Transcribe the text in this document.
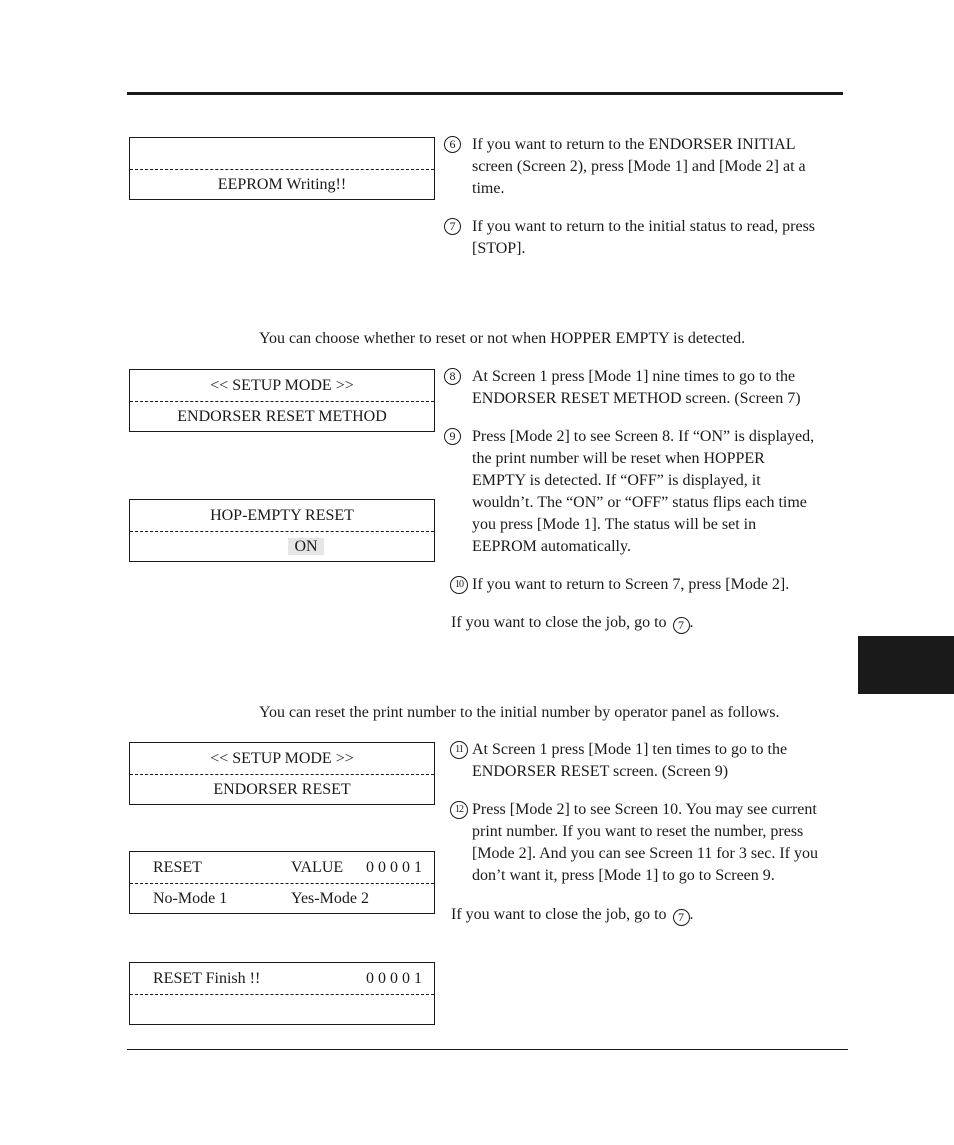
EEPROM Writing!!
6	If you want to return to the ENDORSER INITIAL
screen (Screen 2), press [Mode 1] and [Mode 2] at a
time.
7	If you want to return to the initial status to read, press
[STOP].
You can choose whether to reset or not when HOPPER EMPTY is detected.
<< SETUP MODE >>
ENDORSER RESET METHOD
8	At Screen 1 press [Mode 1] nine times to go to the
ENDORSER RESET METHOD screen. (Screen 7)
9	Press [Mode 2] to see Screen 8. If “ON” is displayed,
the print number will be reset when HOPPER
EMPTY is detected. If “OFF” is displayed, it
wouldn’t. The “ON” or “OFF” status flips each time
you press [Mode 1]. The status will be set in
EEPROM automatically.
HOP-EMPTY RESET
ON
10 If you want to return to Screen 7, press [Mode 2].
If you want to close the job, go to 7 .
You can reset the print number to the initial number by operator panel as follows.
<< SETUP MODE >>
ENDORSER RESET
11 At Screen 1 press [Mode 1] ten times to go to the
ENDORSER RESET screen. (Screen 9)
12 Press [Mode 2] to see Screen 10. You may see current
print number. If you want to reset the number, press
[Mode 2]. And you can see Screen 11 for 3 sec. If you
don’t want it, press [Mode 1] to go to Screen 9.
RESET	VALUE 0 0 0 0 1
No-Mode 1	Yes-Mode 2
If you want to close the job, go to 7 .
RESET Finish !!	0 0 0 0 1
